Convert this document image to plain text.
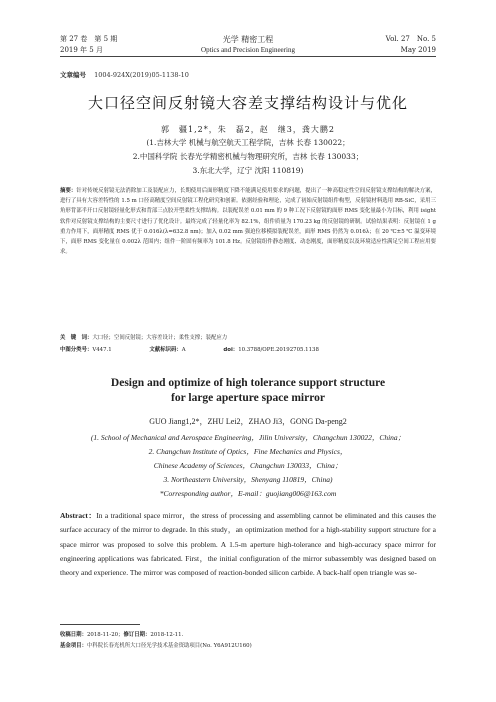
第 27 卷　第 5 期
2019 年 5 月
光学 精密工程
Optics and Precision Engineering
Vol. 27　No. 5
May 2019
文章编号 1004-924X(2019)05-1138-10
大口径空间反射镜大容差支撑结构设计与优化
郭　疆1,2*，朱　磊2，赵　继3，龚大鹏2
(1.吉林大学 机械与航空航天工程学院，吉林 长春 130022；
2.中国科学院 长春光学精密机械与物理研究所，吉林 长春 130033；
3.东北大学，辽宁 沈阳 110819)
摘要：针对传统反射镜无法消除加工及装配应力，长期使用后面形精度下降不能满足使用要求的问题，提出了一种高稳定性空间反射镜支撑结构的解决方案，进行了具有大容差特性的 1.5 m 口径高精度空间反射镜工程化研究和创新。依据经验和理论，完成了初始反射镜组件构型，反射镜材料选用 RB-SiC，采用三角形背部半开口反射镜轻量化形式和背部三点胶开型柔性支撑结构。以装配误差 0.01 mm 的 9 种工况下反射镜的面形 RMS 变化量最小为目标，利用 isight 软件对反射镜支撑结构的主要尺寸进行了优化设计。最终完成了轻量化率为 82.1%，组件质量为 170.23 kg 的反射镜的研制。试验结果表明：反射镜在 1 g 重力作用下，面形精度 RMS 优于 0.016λ(λ=632.8 nm)；加入 0.02 mm 强迫位移模拟装配误差，面形 RMS 仍然为 0.016λ；在 20 ℃±5 ℃ 温变环境下，面形 RMS 变化量在 0.002λ 范围内；组件一阶固有频率为 101.8 Hz。反射镜组件静态刚度、动态刚度，面形精度以及环境适应性满足空间工程应用要求。
关　键　词：大口径；空间反射镜；大容差设计；柔性支撑；装配应力
中图分类号：V447.1	文献标识码：A	doi：10.3788/OPE.20192705.1138
Design and optimize of high tolerance support structure
for large aperture space mirror
GUO Jiang1,2*，ZHU Lei2，ZHAO Ji3，GONG Da-peng2
(1. School of Mechanical and Aerospace Engineering，Jilin University，Changchun 130022，China；
2. Changchun Institute of Optics，Fine Mechanics and Physics，
Chinese Academy of Sciences，Changchun 130033，China；
3. Northeastern University，Shenyang 110819，China)
*Corresponding author，E-mail：guojiang006@163.com
Abstract：In a traditional space mirror，the stress of processing and assembling cannot be eliminated and this causes the surface accuracy of the mirror to degrade. In this study，an optimization method for a high-stability support structure for a space mirror was proposed to solve this problem. A 1.5-m aperture high-tolerance and high-accuracy space mirror for engineering applications was fabricated. First，the initial configuration of the mirror subassembly was designed based on theory and experience. The mirror was composed of reaction-bonded silicon carbide. A back-half open triangle was se-
收稿日期：2018-11-20；修订日期：2018-12-11.
基金项目：中科院长春光机所大口径光学技术基金资助项目(No. Y6A912U160)
